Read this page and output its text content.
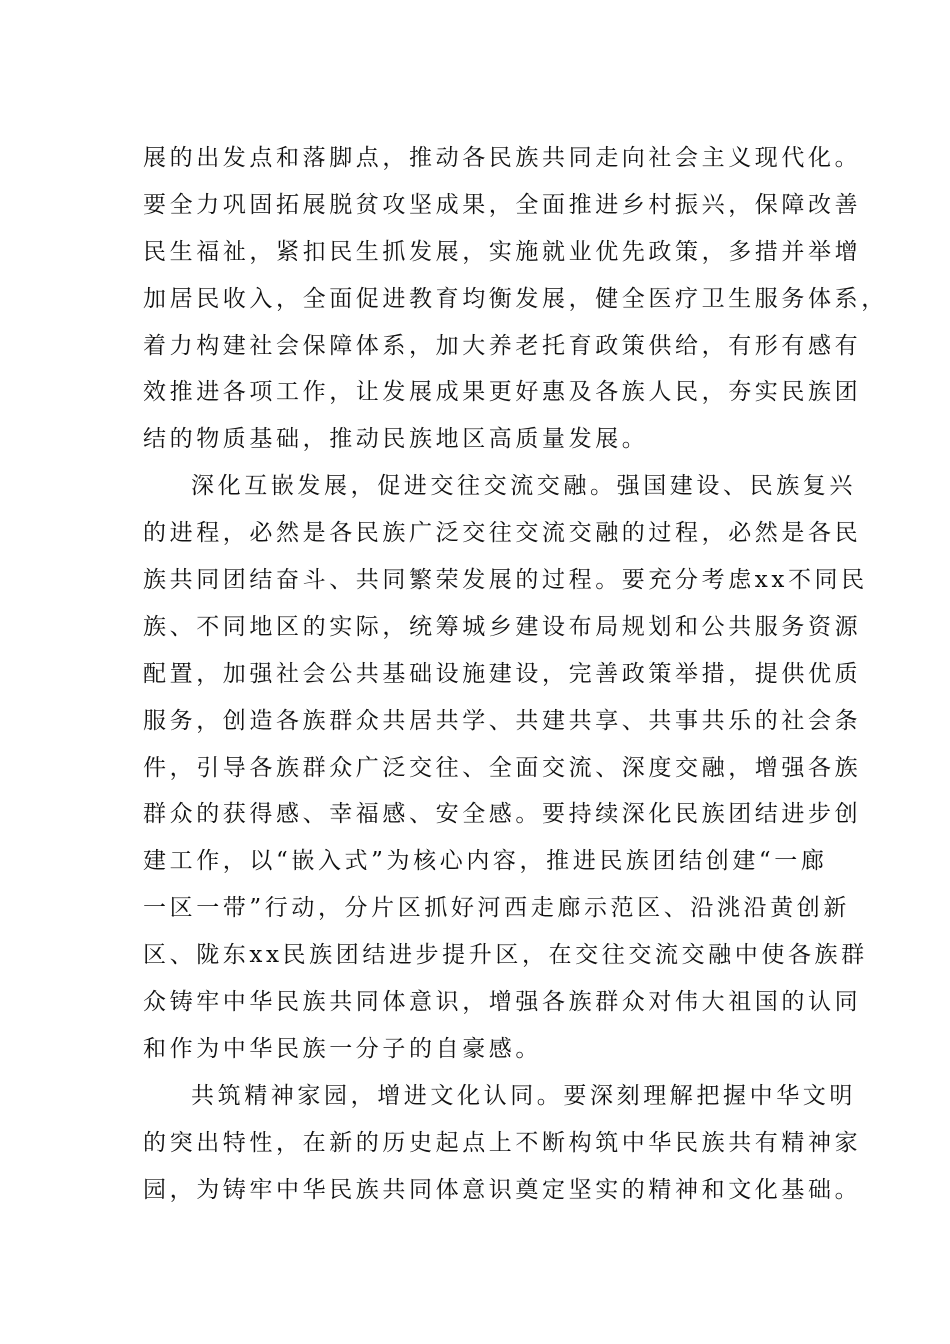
展的出发点和落脚点，推动各民族共同走向社会主义现代化。
要全力巩固拓展脱贫攻坚成果，全面推进乡村振兴，保障改善
民生福祉，紧扣民生抓发展，实施就业优先政策，多措并举增
加居民收入，全面促进教育均衡发展，健全医疗卫生服务体系，
着力构建社会保障体系，加大养老托育政策供给，有形有感有
效推进各项工作，让发展成果更好惠及各族人民，夯实民族团
结的物质基础，推动民族地区高质量发展。
深化互嵌发展，促进交往交流交融。强国建设、民族复兴
的进程，必然是各民族广泛交往交流交融的过程，必然是各民
族共同团结奋斗、共同繁荣发展的过程。要充分考虑xx不同民
族、不同地区的实际，统筹城乡建设布局规划和公共服务资源
配置，加强社会公共基础设施建设，完善政策举措，提供优质
服务，创造各族群众共居共学、共建共享、共事共乐的社会条
件，引导各族群众广泛交往、全面交流、深度交融，增强各族
群众的获得感、幸福感、安全感。要持续深化民族团结进步创
建工作，以“嵌入式”为核心内容，推进民族团结创建“一廊
一区一带”行动，分片区抓好河西走廊示范区、沿洮沿黄创新
区、陇东xx民族团结进步提升区，在交往交流交融中使各族群
众铸牢中华民族共同体意识，增强各族群众对伟大祖国的认同
和作为中华民族一分子的自豪感。
共筑精神家园，增进文化认同。要深刻理解把握中华文明
的突出特性，在新的历史起点上不断构筑中华民族共有精神家
园，为铸牢中华民族共同体意识奠定坚实的精神和文化基础。
